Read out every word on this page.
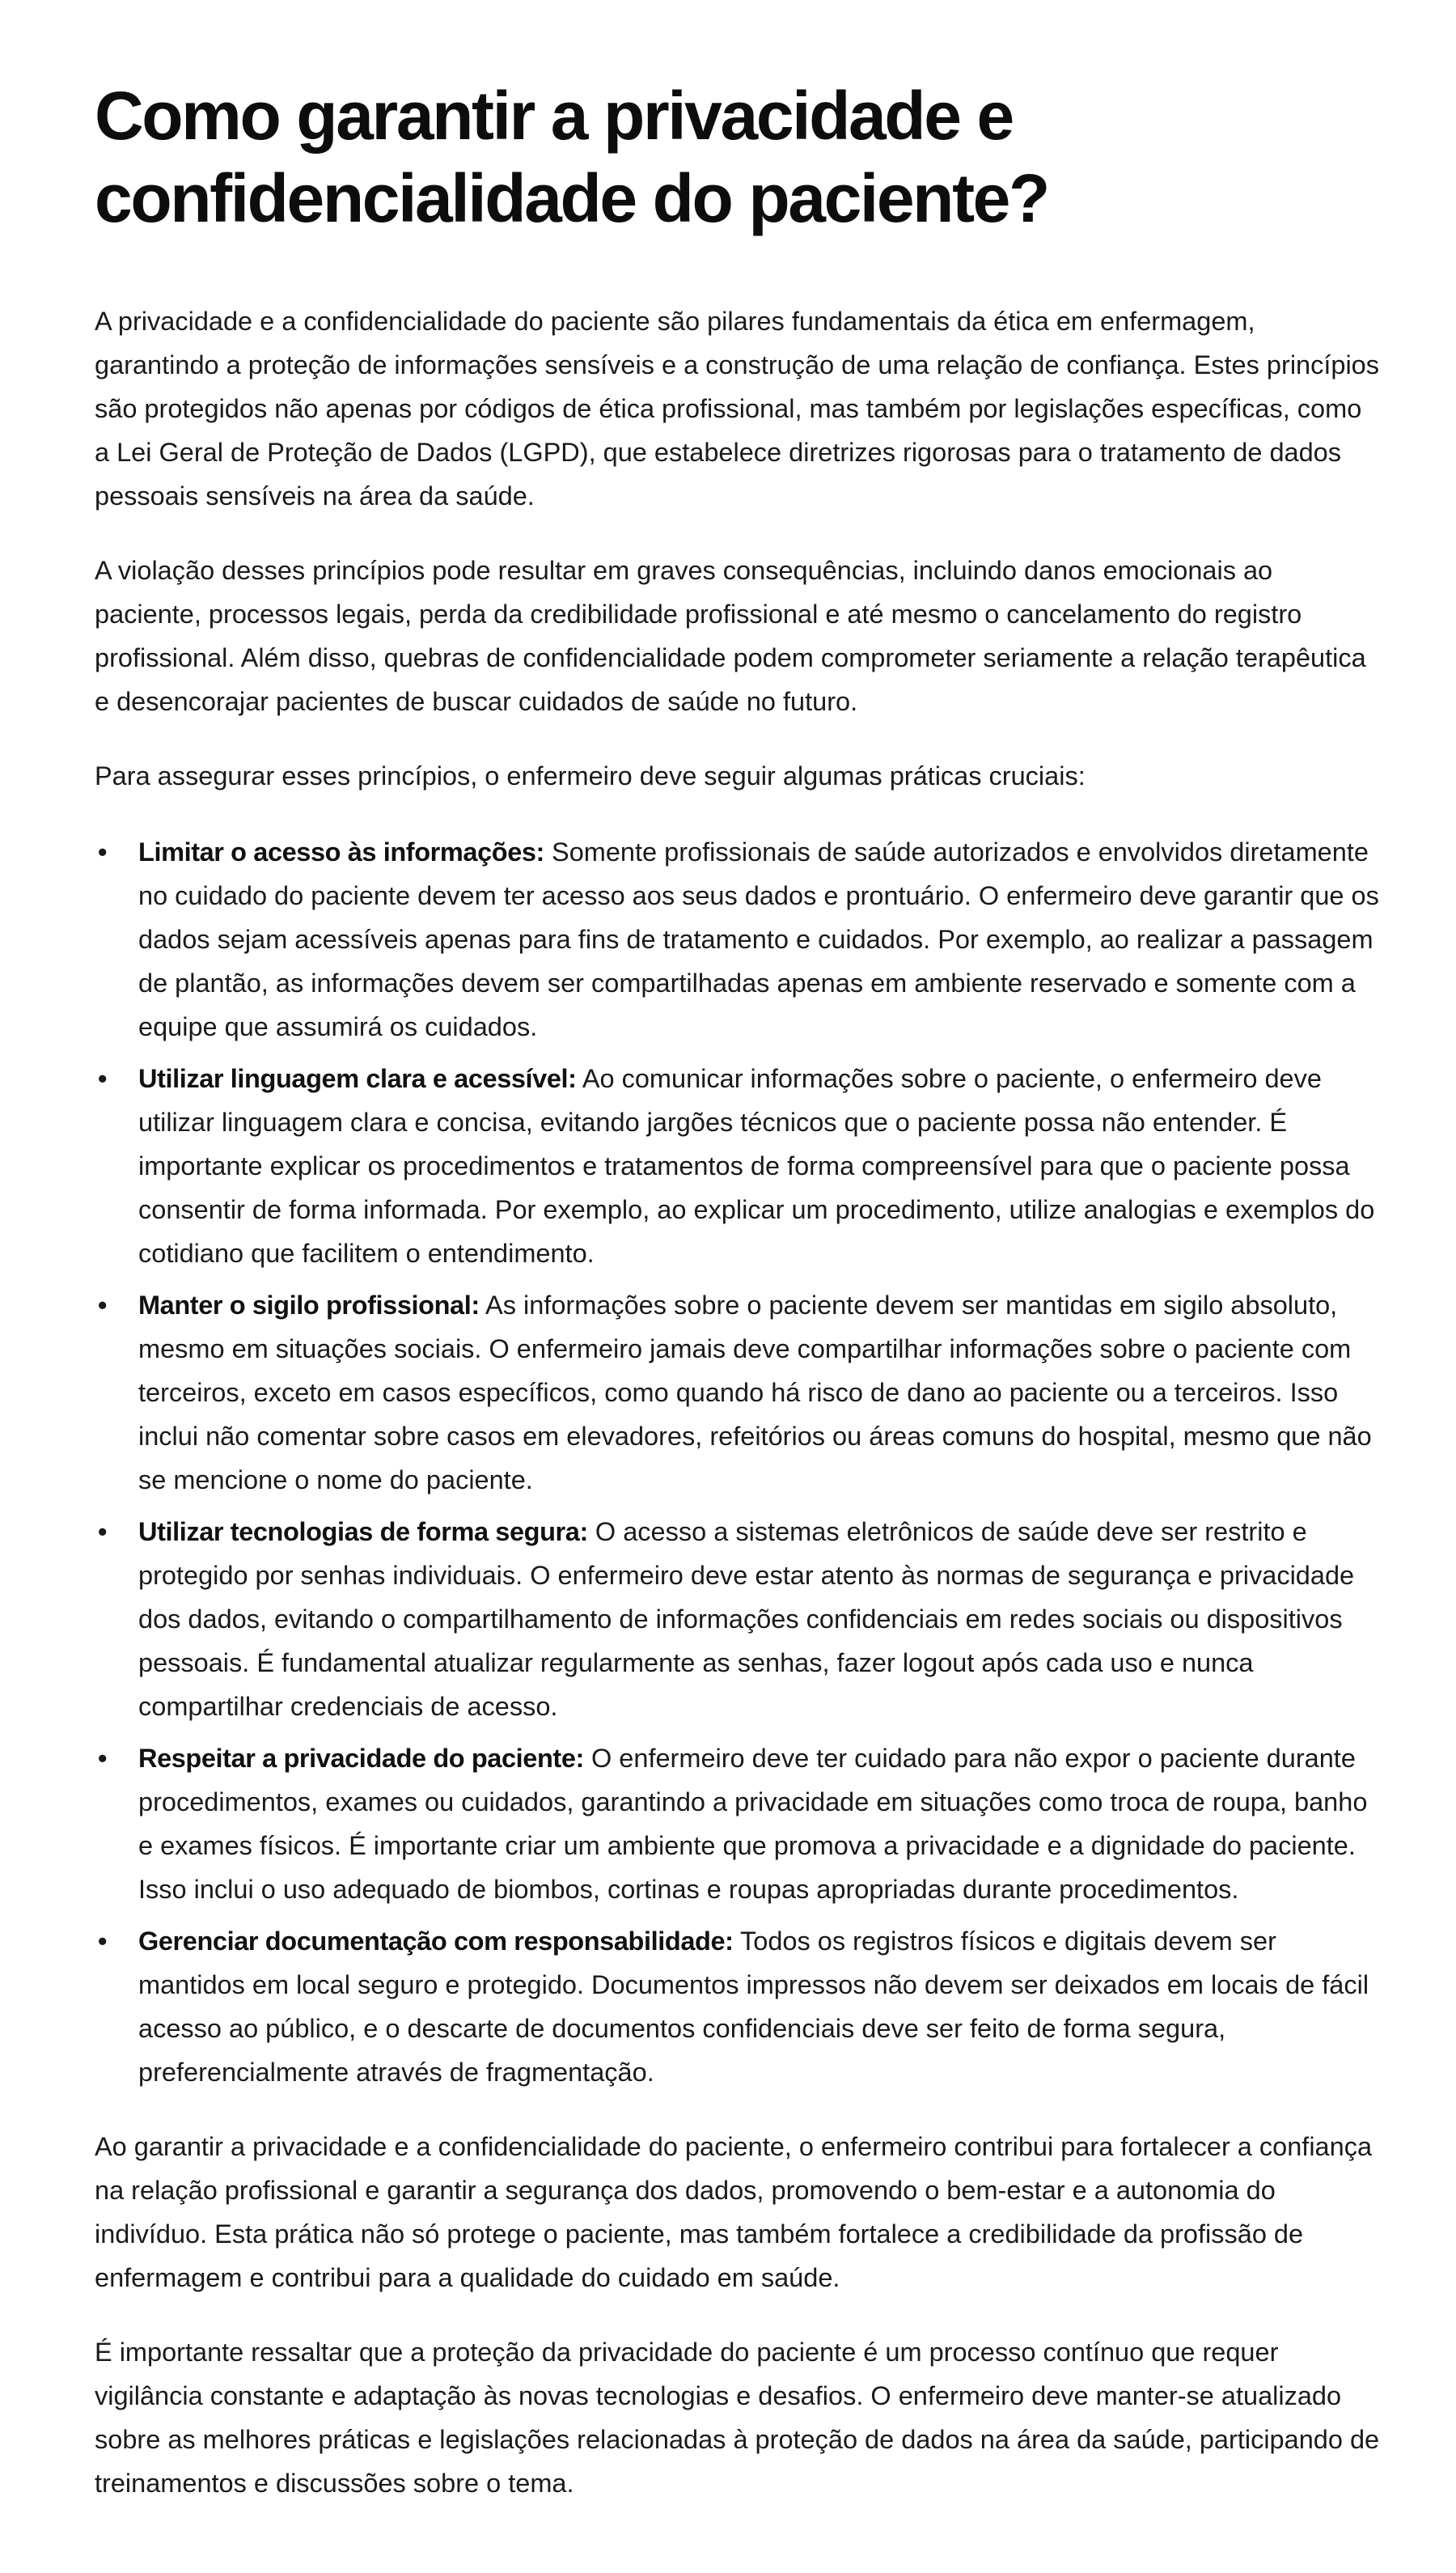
Como garantir a privacidade e confidencialidade do paciente?

A privacidade e a confidencialidade do paciente são pilares fundamentais da ética em enfermagem, garantindo a proteção de informações sensíveis e a construção de uma relação de confiança. Estes princípios são protegidos não apenas por códigos de ética profissional, mas também por legislações específicas, como a Lei Geral de Proteção de Dados (LGPD), que estabelece diretrizes rigorosas para o tratamento de dados pessoais sensíveis na área da saúde.

A violação desses princípios pode resultar em graves consequências, incluindo danos emocionais ao paciente, processos legais, perda da credibilidade profissional e até mesmo o cancelamento do registro profissional. Além disso, quebras de confidencialidade podem comprometer seriamente a relação terapêutica e desencorajar pacientes de buscar cuidados de saúde no futuro.

Para assegurar esses princípios, o enfermeiro deve seguir algumas práticas cruciais:

• Limitar o acesso às informações: Somente profissionais de saúde autorizados e envolvidos diretamente no cuidado do paciente devem ter acesso aos seus dados e prontuário. O enfermeiro deve garantir que os dados sejam acessíveis apenas para fins de tratamento e cuidados. Por exemplo, ao realizar a passagem de plantão, as informações devem ser compartilhadas apenas em ambiente reservado e somente com a equipe que assumirá os cuidados.
• Utilizar linguagem clara e acessível: Ao comunicar informações sobre o paciente, o enfermeiro deve utilizar linguagem clara e concisa, evitando jargões técnicos que o paciente possa não entender. É importante explicar os procedimentos e tratamentos de forma compreensível para que o paciente possa consentir de forma informada. Por exemplo, ao explicar um procedimento, utilize analogias e exemplos do cotidiano que facilitem o entendimento.
• Manter o sigilo profissional: As informações sobre o paciente devem ser mantidas em sigilo absoluto, mesmo em situações sociais. O enfermeiro jamais deve compartilhar informações sobre o paciente com terceiros, exceto em casos específicos, como quando há risco de dano ao paciente ou a terceiros. Isso inclui não comentar sobre casos em elevadores, refeitórios ou áreas comuns do hospital, mesmo que não se mencione o nome do paciente.
• Utilizar tecnologias de forma segura: O acesso a sistemas eletrônicos de saúde deve ser restrito e protegido por senhas individuais. O enfermeiro deve estar atento às normas de segurança e privacidade dos dados, evitando o compartilhamento de informações confidenciais em redes sociais ou dispositivos pessoais. É fundamental atualizar regularmente as senhas, fazer logout após cada uso e nunca compartilhar credenciais de acesso.
• Respeitar a privacidade do paciente: O enfermeiro deve ter cuidado para não expor o paciente durante procedimentos, exames ou cuidados, garantindo a privacidade em situações como troca de roupa, banho e exames físicos. É importante criar um ambiente que promova a privacidade e a dignidade do paciente. Isso inclui o uso adequado de biombos, cortinas e roupas apropriadas durante procedimentos.
• Gerenciar documentação com responsabilidade: Todos os registros físicos e digitais devem ser mantidos em local seguro e protegido. Documentos impressos não devem ser deixados em locais de fácil acesso ao público, e o descarte de documentos confidenciais deve ser feito de forma segura, preferencialmente através de fragmentação.

Ao garantir a privacidade e a confidencialidade do paciente, o enfermeiro contribui para fortalecer a confiança na relação profissional e garantir a segurança dos dados, promovendo o bem-estar e a autonomia do indivíduo. Esta prática não só protege o paciente, mas também fortalece a credibilidade da profissão de enfermagem e contribui para a qualidade do cuidado em saúde.

É importante ressaltar que a proteção da privacidade do paciente é um processo contínuo que requer vigilância constante e adaptação às novas tecnologias e desafios. O enfermeiro deve manter-se atualizado sobre as melhores práticas e legislações relacionadas à proteção de dados na área da saúde, participando de treinamentos e discussões sobre o tema.
